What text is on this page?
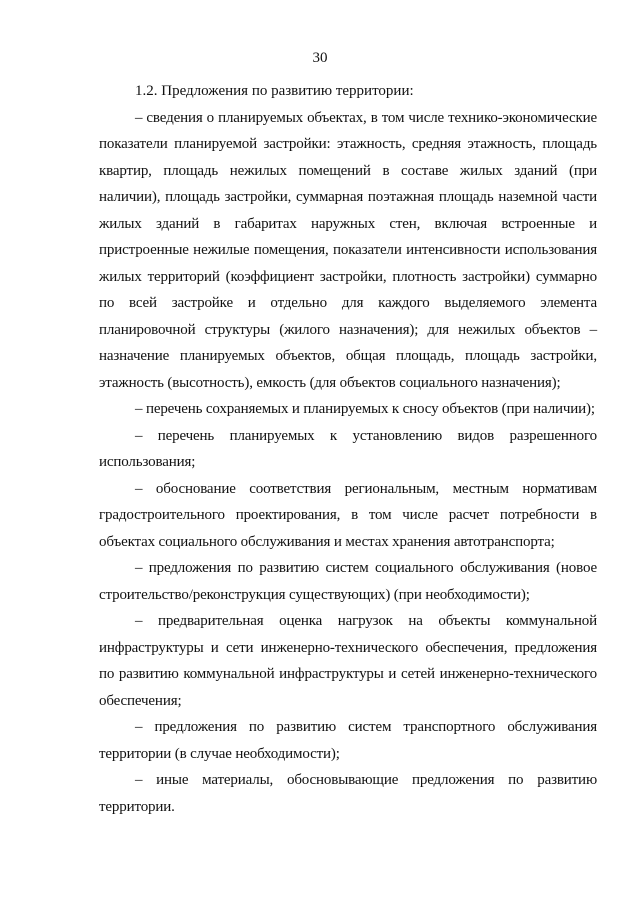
30

1.2. Предложения по развитию территории:

– сведения о планируемых объектах, в том числе технико-экономические показатели планируемой застройки: этажность, средняя этажность, площадь квартир, площадь нежилых помещений в составе жилых зданий (при наличии), площадь застройки, суммарная поэтажная площадь наземной части жилых зданий в габаритах наружных стен, включая встроенные и пристроенные нежилые помещения, показатели интенсивности использования жилых территорий (коэффициент застройки, плотность застройки) суммарно по всей застройке и отдельно для каждого выделяемого элемента планировочной структуры (жилого назначения); для нежилых объектов – назначение планируемых объектов, общая площадь, площадь застройки, этажность (высотность), емкость (для объектов социального назначения);

– перечень сохраняемых и планируемых к сносу объектов (при наличии);

– перечень планируемых к установлению видов разрешенного использования;

– обоснование соответствия региональным, местным нормативам градостроительного проектирования, в том числе расчет потребности в объектах социального обслуживания и местах хранения автотранспорта;

– предложения по развитию систем социального обслуживания (новое строительство/реконструкция существующих) (при необходимости);

– предварительная оценка нагрузок на объекты коммунальной инфраструктуры и сети инженерно-технического обеспечения, предложения по развитию коммунальной инфраструктуры и сетей инженерно-технического обеспечения;

– предложения по развитию систем транспортного обслуживания территории (в случае необходимости);

– иные материалы, обосновывающие предложения по развитию территории.
